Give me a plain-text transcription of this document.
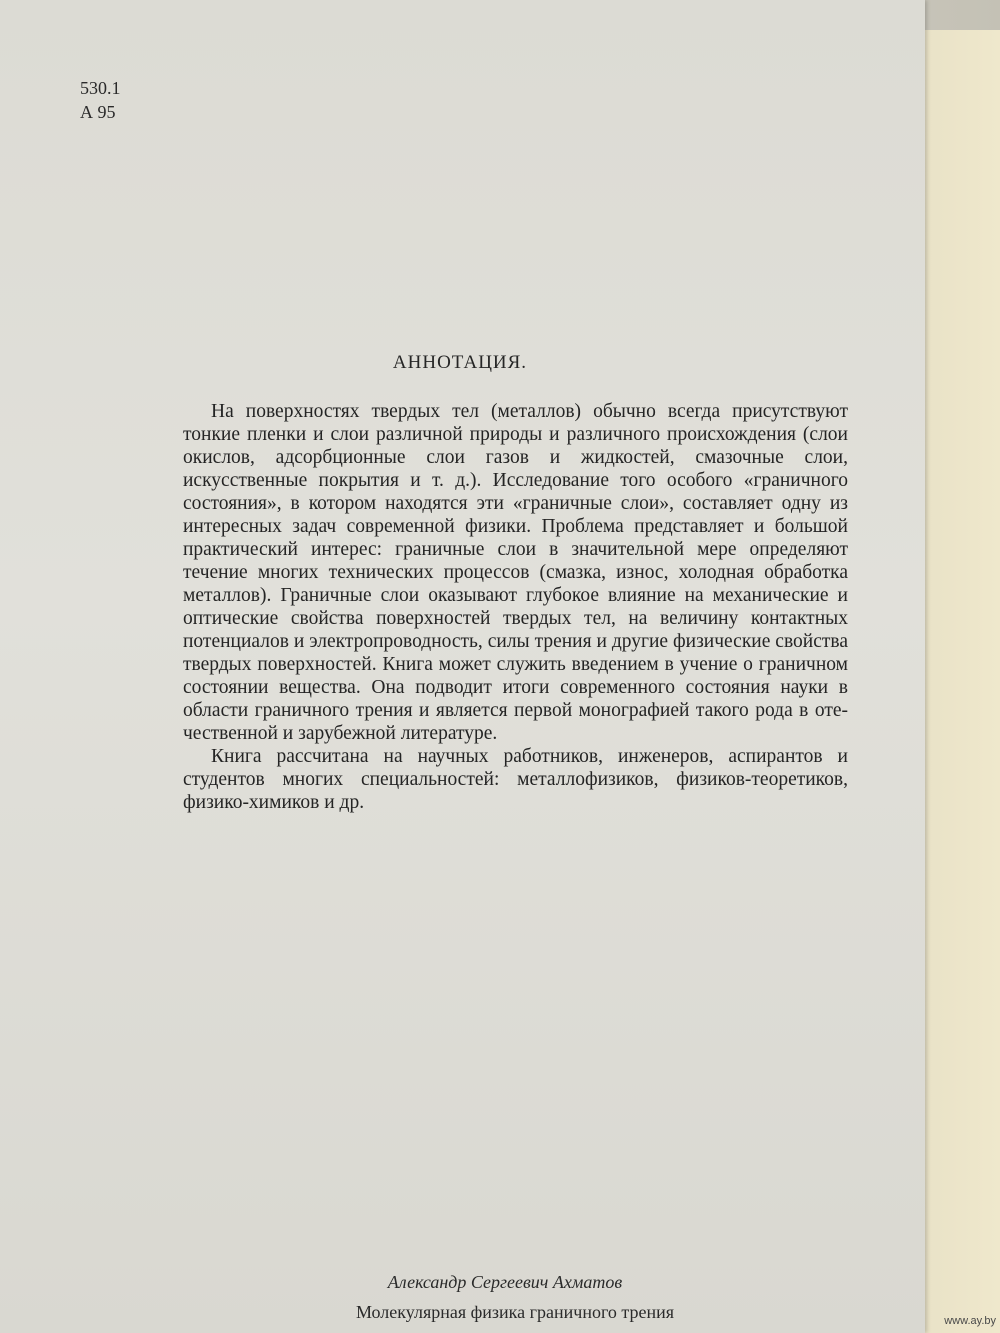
530.1
А 95
АННОТАЦИЯ.

На поверхностях твердых тел (металлов) обычно всегда присутствуют тонкие пленки и слои различной природы и различного происхождения (слои окислов, адсорбционные слои газов и жидкостей, смазочные слои, искусственные покрытия и т. д.). Исследование того особого «граничного состояния», в котором находятся эти «граничные слои», составляет одну из интересных задач современной физики. Проблема представляет и большой практический интерес: граничные слои в значительной мере определяют течение многих технических процессов (смазка, износ, холодная обработка металлов). Граничные слои оказывают глубокое влияние на механические и оптические свойства поверхностей твердых тел, на величину контактных потенциалов и электропроводность, силы трения и другие физические свойства твердых поверхностей. Книга может служить введением в учение о граничном состоянии вещества. Она подводит итоги современного состояния науки в области граничного трения и является первой монографией такого рода в отечественной и зарубежной литературе.

Книга рассчитана на научных работников, инженеров, аспирантов и студентов многих специальностей: металлофизиков, физиков-теоретиков, физико-химиков и др.

Александр Сергеевич Ахматов
Молекулярная физика граничного трения	www.ay.by
